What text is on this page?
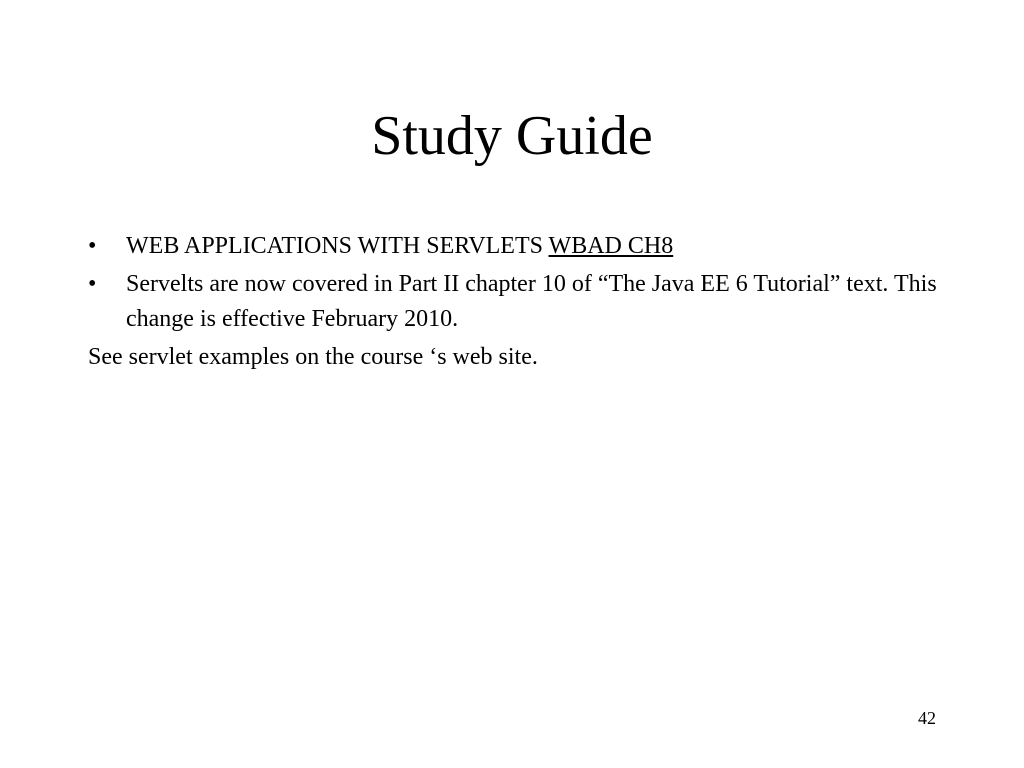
Study Guide
•	WEB APPLICATIONS WITH SERVLETS WBAD CH8
•	Servelts are now covered in Part II chapter 10 of “The Java EE 6 Tutorial” text. This change is effective February 2010.

See servlet examples on the course ‘s web site.

42
